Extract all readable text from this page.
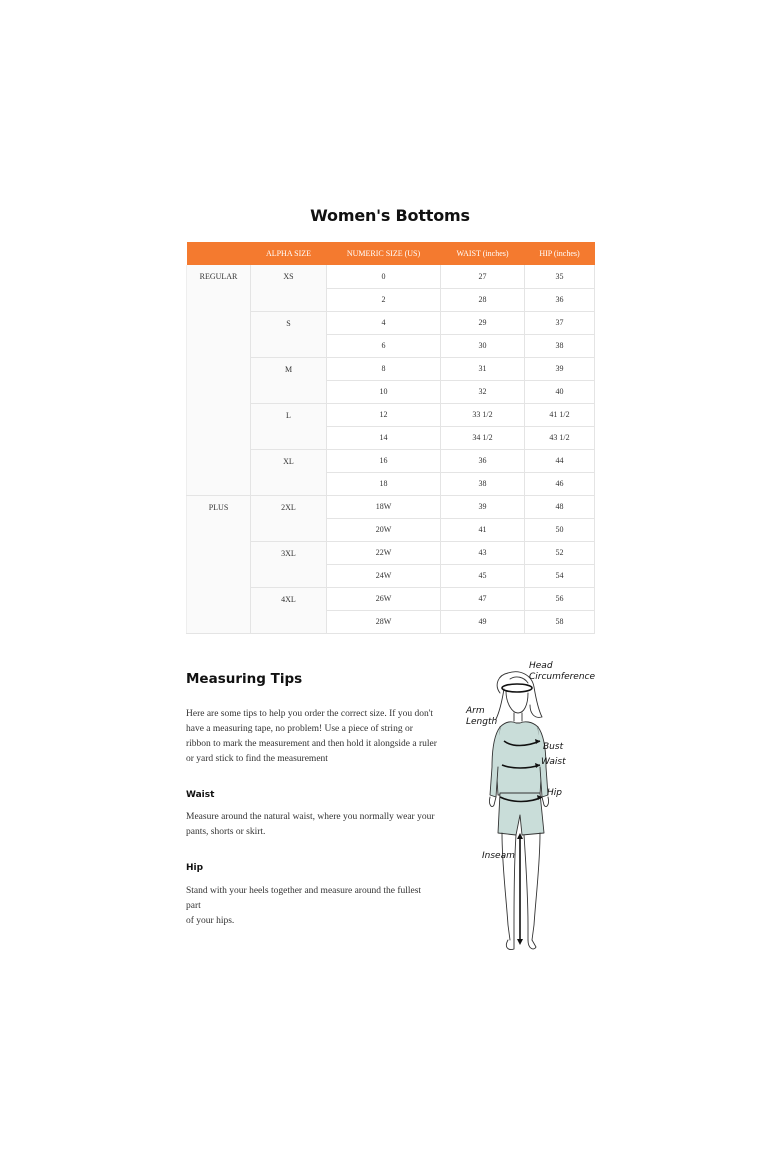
Women's Bottoms
	ALPHA SIZE	NUMERIC SIZE (US)	WAIST (inches)	HIP (inches)
REGULAR	XS	0	27	35
		2	28	36
	S	4	29	37
		6	30	38
	M	8	31	39
		10	32	40
	L	12	33 1/2	41 1/2
		14	34 1/2	43 1/2
	XL	16	36	44
		18	38	46
PLUS	2XL	18W	39	48
		20W	41	50
	3XL	22W	43	52
		24W	45	54
	4XL	26W	47	56
		28W	49	58
Measuring Tips
Here are some tips to help you order the correct size. If you don't
have a measuring tape, no problem! Use a piece of string or
ribbon to mark the measurement and then hold it alongside a ruler
or yard stick to find the measurement
Waist
Measure around the natural waist, where you normally wear your
pants, shorts or skirt.
Hip
Stand with your heels together and measure around the fullest part
of your hips.
Head
Circumference
Arm
Length
Bust
Waist
Hip
Inseam
